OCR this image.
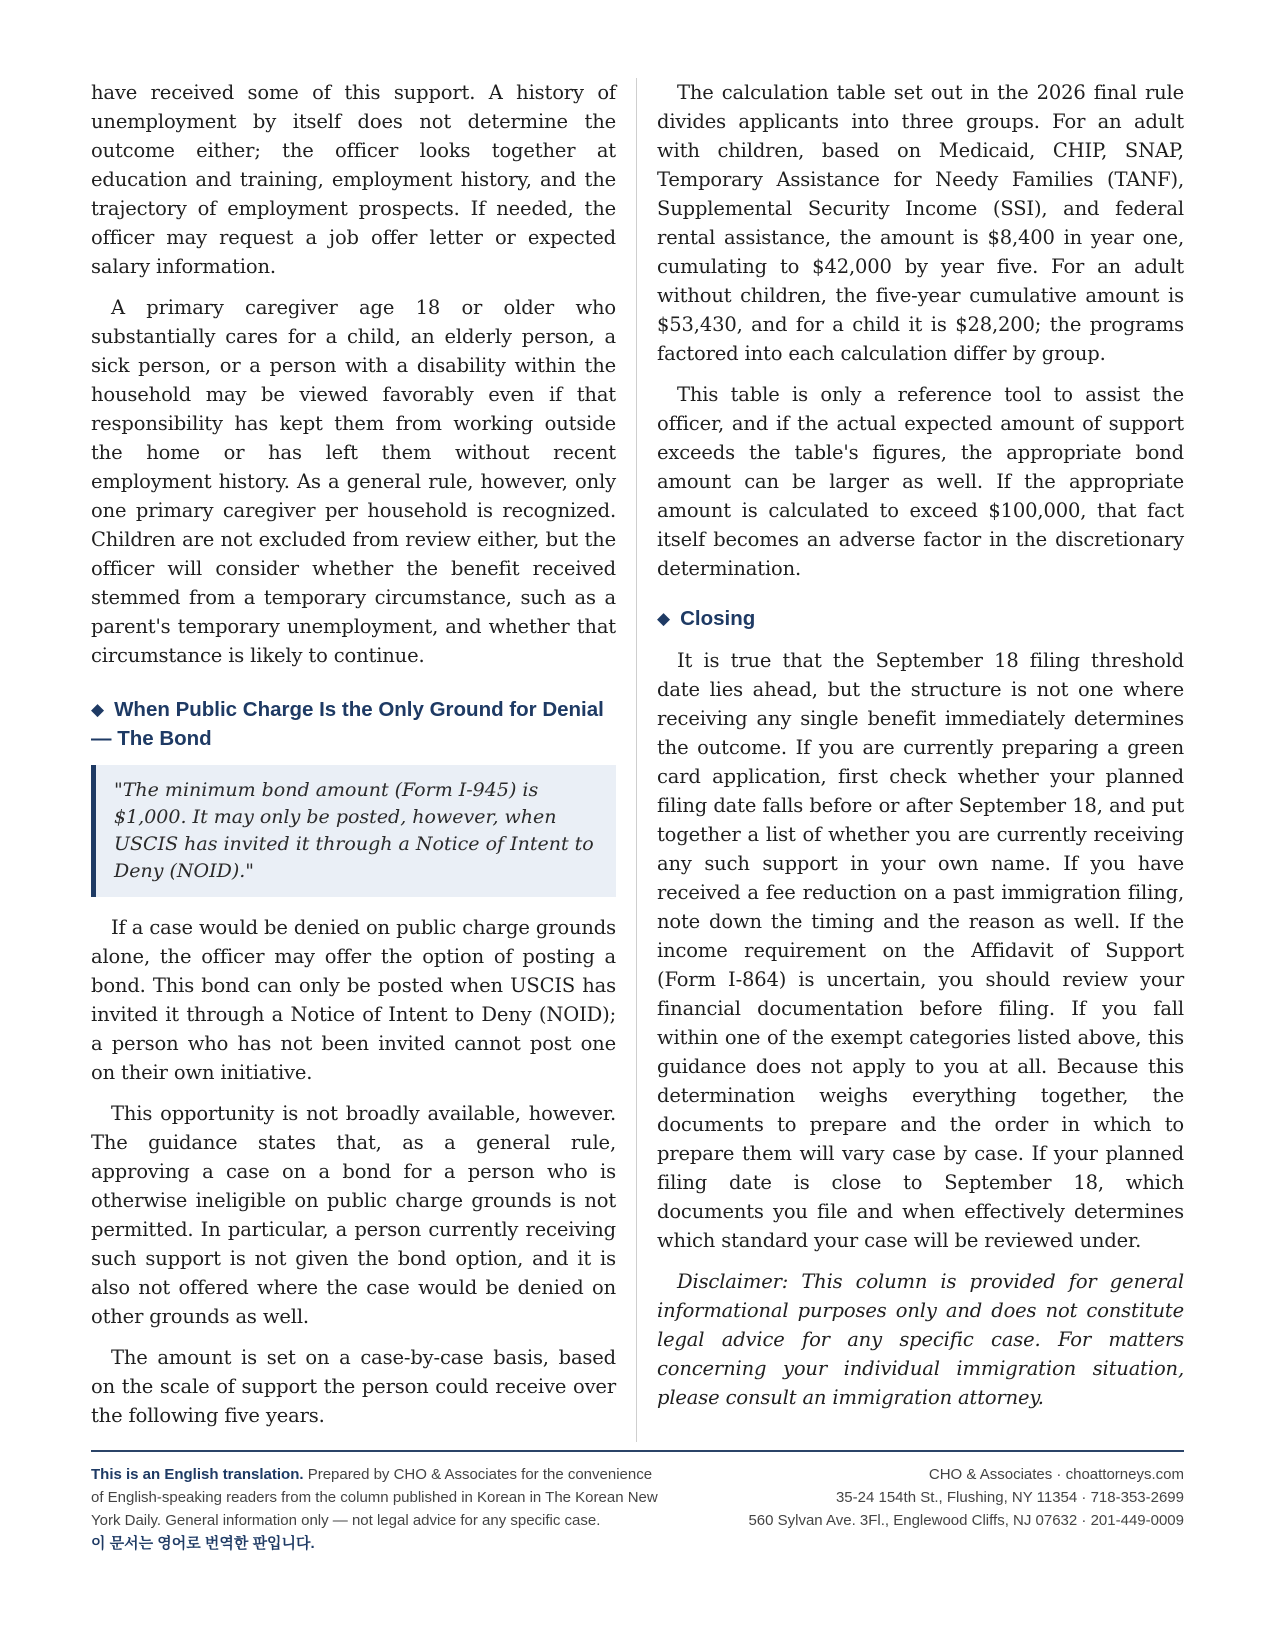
have received some of this support. A history of unemployment by itself does not determine the outcome either; the officer looks together at education and training, employment history, and the trajectory of employment prospects. If needed, the officer may request a job offer letter or expected salary information.

A primary caregiver age 18 or older who substantially cares for a child, an elderly person, a sick person, or a person with a disability within the household may be viewed favorably even if that responsibility has kept them from working outside the home or has left them without recent employment history. As a general rule, however, only one primary caregiver per household is recognized. Children are not excluded from review either, but the officer will consider whether the benefit received stemmed from a temporary circumstance, such as a parent's temporary unemployment, and whether that circumstance is likely to continue.

◆ When Public Charge Is the Only Ground for Denial — The Bond
"The minimum bond amount (Form I-945) is $1,000. It may only be posted, however, when USCIS has invited it through a Notice of Intent to Deny (NOID)."

If a case would be denied on public charge grounds alone, the officer may offer the option of posting a bond. This bond can only be posted when USCIS has invited it through a Notice of Intent to Deny (NOID); a person who has not been invited cannot post one on their own initiative.

This opportunity is not broadly available, however. The guidance states that, as a general rule, approving a case on a bond for a person who is otherwise ineligible on public charge grounds is not permitted. In particular, a person currently receiving such support is not given the bond option, and it is also not offered where the case would be denied on other grounds as well.

The amount is set on a case-by-case basis, based on the scale of support the person could receive over the following five years.

The calculation table set out in the 2026 final rule divides applicants into three groups. For an adult with children, based on Medicaid, CHIP, SNAP, Temporary Assistance for Needy Families (TANF), Supplemental Security Income (SSI), and federal rental assistance, the amount is $8,400 in year one, cumulating to $42,000 by year five. For an adult without children, the five-year cumulative amount is $53,430, and for a child it is $28,200; the programs factored into each calculation differ by group.

This table is only a reference tool to assist the officer, and if the actual expected amount of support exceeds the table's figures, the appropriate bond amount can be larger as well. If the appropriate amount is calculated to exceed $100,000, that fact itself becomes an adverse factor in the discretionary determination.

◆ Closing

It is true that the September 18 filing threshold date lies ahead, but the structure is not one where receiving any single benefit immediately determines the outcome. If you are currently preparing a green card application, first check whether your planned filing date falls before or after September 18, and put together a list of whether you are currently receiving any such support in your own name. If you have received a fee reduction on a past immigration filing, note down the timing and the reason as well. If the income requirement on the Affidavit of Support (Form I-864) is uncertain, you should review your financial documentation before filing. If you fall within one of the exempt categories listed above, this guidance does not apply to you at all. Because this determination weighs everything together, the documents to prepare and the order in which to prepare them will vary case by case. If your planned filing date is close to September 18, which documents you file and when effectively determines which standard your case will be reviewed under.

Disclaimer: This column is provided for general informational purposes only and does not constitute legal advice for any specific case. For matters concerning your individual immigration situation, please consult an immigration attorney.

This is an English translation. Prepared by CHO & Associates for the convenience of English-speaking readers from the column published in Korean in The Korean New York Daily. General information only — not legal advice for any specific case.
이 문서는 영어로 번역한 판입니다.
CHO & Associates · choattorneys.com
35-24 154th St., Flushing, NY 11354 · 718-353-2699
560 Sylvan Ave. 3Fl., Englewood Cliffs, NJ 07632 · 201-449-0009
